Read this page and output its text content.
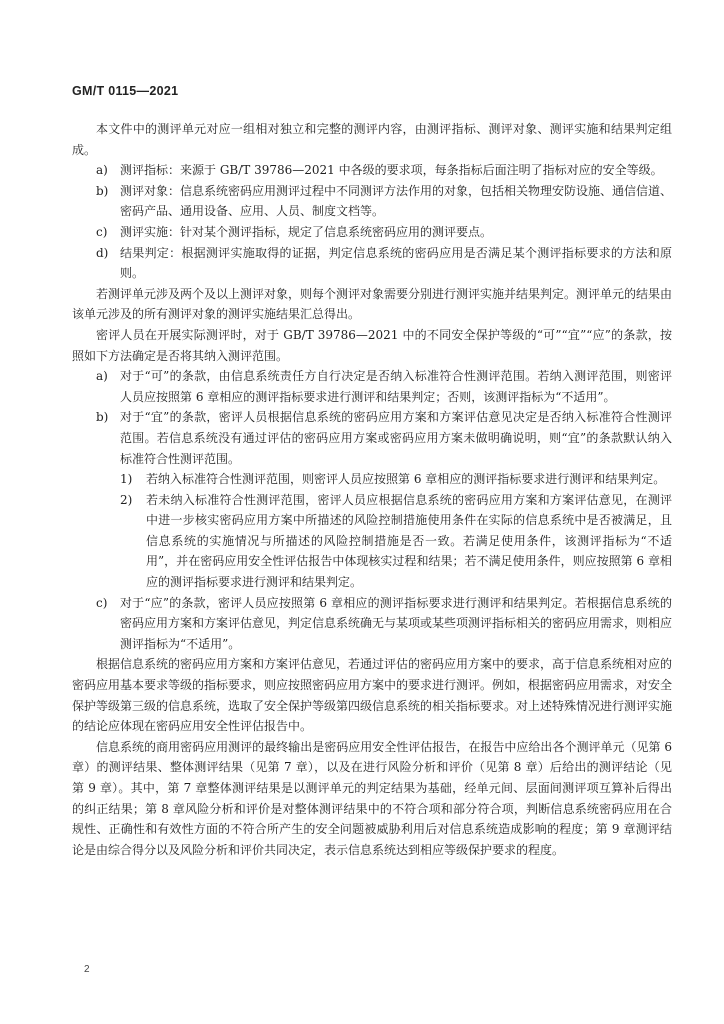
GM/T 0115—2021

本文件中的测评单元对应一组相对独立和完整的测评内容，由测评指标、测评对象、测评实施和结果判定组成。

a)	测评指标：来源于 GB/T 39786—2021 中各级的要求项，每条指标后面注明了指标对应的安全等级。
b) 测评对象：信息系统密码应用测评过程中不同测评方法作用的对象，包括相关物理安防设施、通信信道、密码产品、通用设备、应用、人员、制度文档等。
c)	测评实施：针对某个测评指标，规定了信息系统密码应用的测评要点。
d) 结果判定：根据测评实施取得的证据，判定信息系统的密码应用是否满足某个测评指标要求的方法和原则。

若测评单元涉及两个及以上测评对象，则每个测评对象需要分别进行测评实施并结果判定。测评单元的结果由该单元涉及的所有测评对象的测评实施结果汇总得出。

密评人员在开展实际测评时，对于 GB/T 39786—2021 中的不同安全保护等级的“可”“宜”“应”的条款，按照如下方法确定是否将其纳入测评范围。

a)	对于“可”的条款，由信息系统责任方自行决定是否纳入标准符合性测评范围。若纳入测评范围，则密评人员应按照第 6 章相应的测评指标要求进行测评和结果判定；否则，该测评指标为“不适用”。
b) 对于“宜”的条款，密评人员根据信息系统的密码应用方案和方案评估意见决定是否纳入标准符合性测评范围。若信息系统没有通过评估的密码应用方案或密码应用方案未做明确说明，则“宜”的条款默认纳入标准符合性测评范围。
1)	若纳入标准符合性测评范围，则密评人员应按照第 6 章相应的测评指标要求进行测评和结果判定。
2)	若未纳入标准符合性测评范围，密评人员应根据信息系统的密码应用方案和方案评估意见，在测评中进一步核实密码应用方案中所描述的风险控制措施使用条件在实际的信息系统中是否被满足，且信息系统的实施情况与所描述的风险控制措施是否一致。若满足使用条件，该测评指标为“不适用”，并在密码应用安全性评估报告中体现核实过程和结果；若不满足使用条件，则应按照第 6 章相应的测评指标要求进行测评和结果判定。
c)	对于“应”的条款，密评人员应按照第 6 章相应的测评指标要求进行测评和结果判定。若根据信息系统的密码应用方案和方案评估意见，判定信息系统确无与某项或某些项测评指标相关的密码应用需求，则相应测评指标为“不适用”。

根据信息系统的密码应用方案和方案评估意见，若通过评估的密码应用方案中的要求，高于信息系统相对应的密码应用基本要求等级的指标要求，则应按照密码应用方案中的要求进行测评。例如，根据密码应用需求，对安全保护等级第三级的信息系统，选取了安全保护等级第四级信息系统的相关指标要求。对上述特殊情况进行测评实施的结论应体现在密码应用安全性评估报告中。

信息系统的商用密码应用测评的最终输出是密码应用安全性评估报告，在报告中应给出各个测评单元（见第 6 章）的测评结果、整体测评结果（见第 7 章），以及在进行风险分析和评价（见第 8 章）后给出的测评结论（见第 9 章）。其中，第 7 章整体测评结果是以测评单元的判定结果为基础，经单元间、层面间测评项互算补后得出的纠正结果；第 8 章风险分析和评价是对整体测评结果中的不符合项和部分符合项，判断信息系统密码应用在合规性、正确性和有效性方面的不符合所产生的安全问题被威胁利用后对信息系统造成影响的程度；第 9 章测评结论是由综合得分以及风险分析和评价共同决定，表示信息系统达到相应等级保护要求的程度。

2
